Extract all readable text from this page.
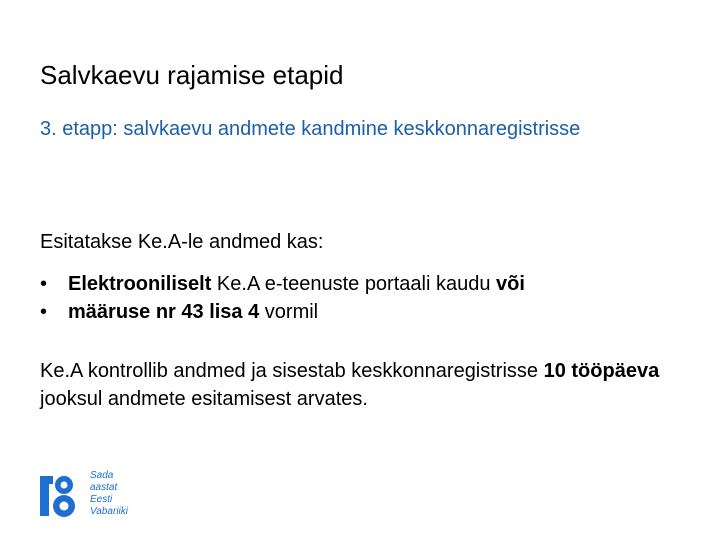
Salvkaevu rajamise etapid

3. etapp: salvkaevu andmete kandmine keskkonnaregistrisse

Esitatakse Ke.A-le andmed kas:

•	Elektrooniliselt Ke.A e-teenuste portaali kaudu või
•	määruse nr 43 lisa 4 vormil

Ke.A kontrollib andmed ja sisestab keskkonnaregistrisse 10 tööpäeva jooksul andmete esitamisest arvates.

Sada
aastat
Eesti
Vabariiki
